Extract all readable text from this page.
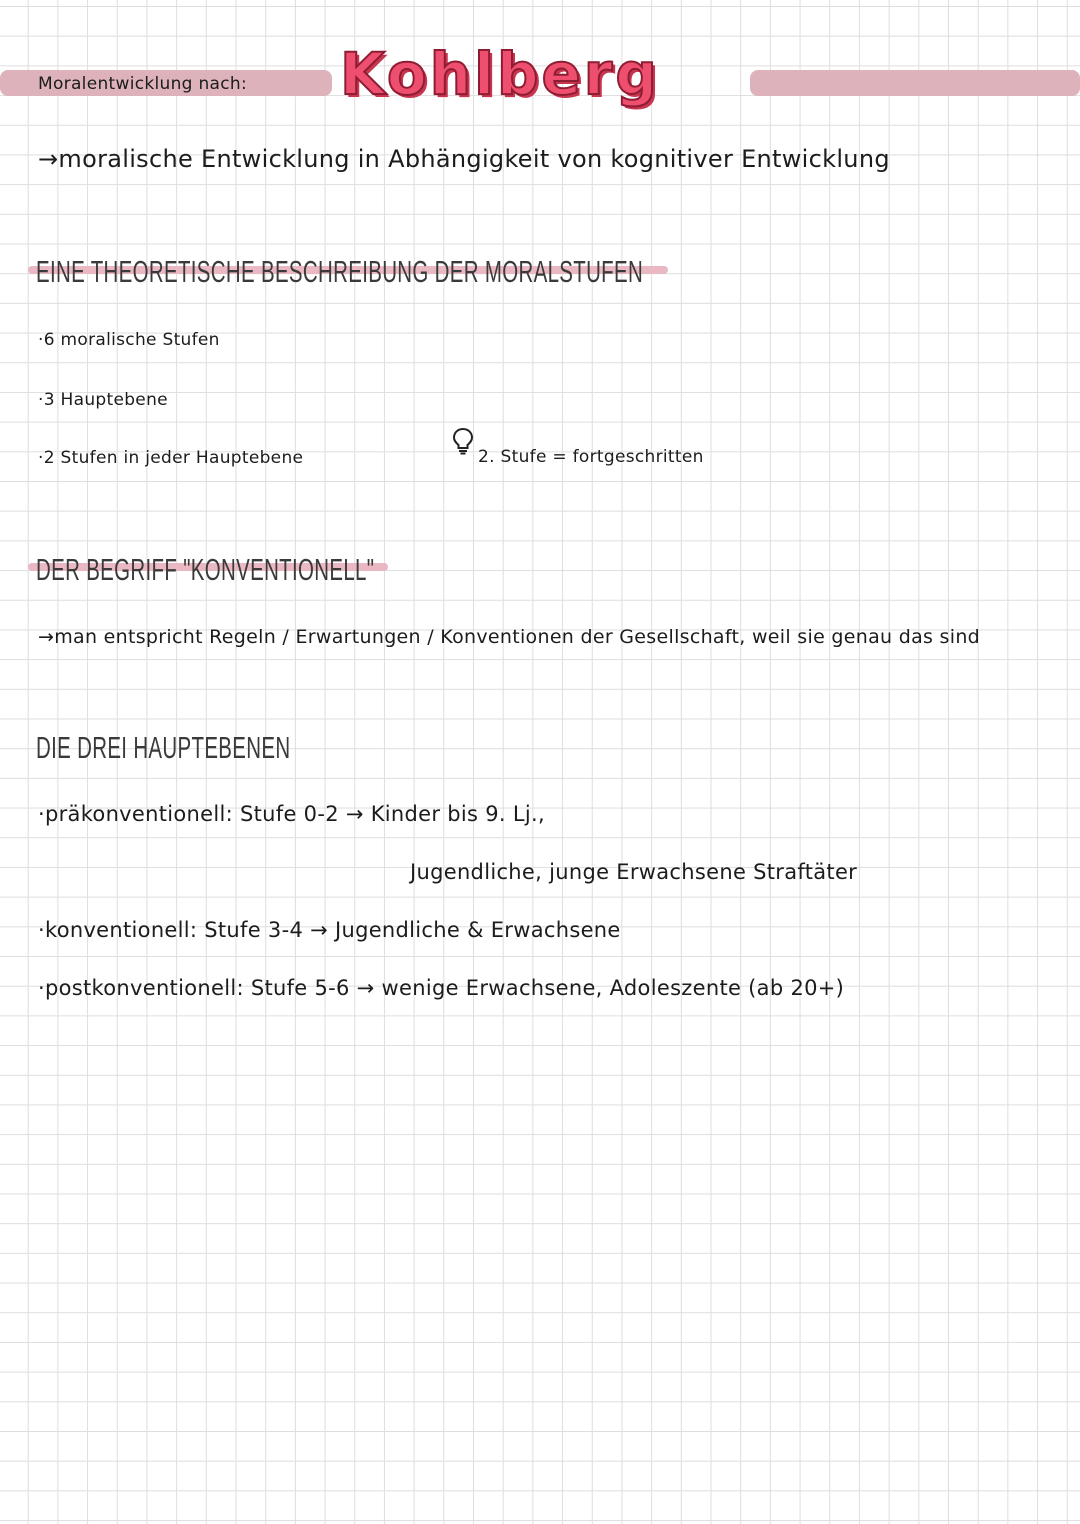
Moralentwicklung nach: Kohlberg
→moralische Entwicklung in Abhängigkeit von kognitiver Entwicklung
EINE THEORETISCHE BESCHREIBUNG DER MORALSTUFEN
·6 moralische Stufen
·3 Hauptebene
·2 Stufen in jeder Hauptebene	2. Stufe = fortgeschritten
DER BEGRIFF "KONVENTIONELL"
→man entspricht Regeln / Erwartungen / Konventionen der Gesellschaft, weil sie genau das sind
DIE DREI HAUPTEBENEN
·präkonventionell: Stufe 0-2 → Kinder bis 9. Lj.,
Jugendliche, junge Erwachsene Straftäter
·konventionell: Stufe 3-4 → Jugendliche & Erwachsene
·postkonventionell: Stufe 5-6 → wenige Erwachsene, Adoleszente (ab 20+)
